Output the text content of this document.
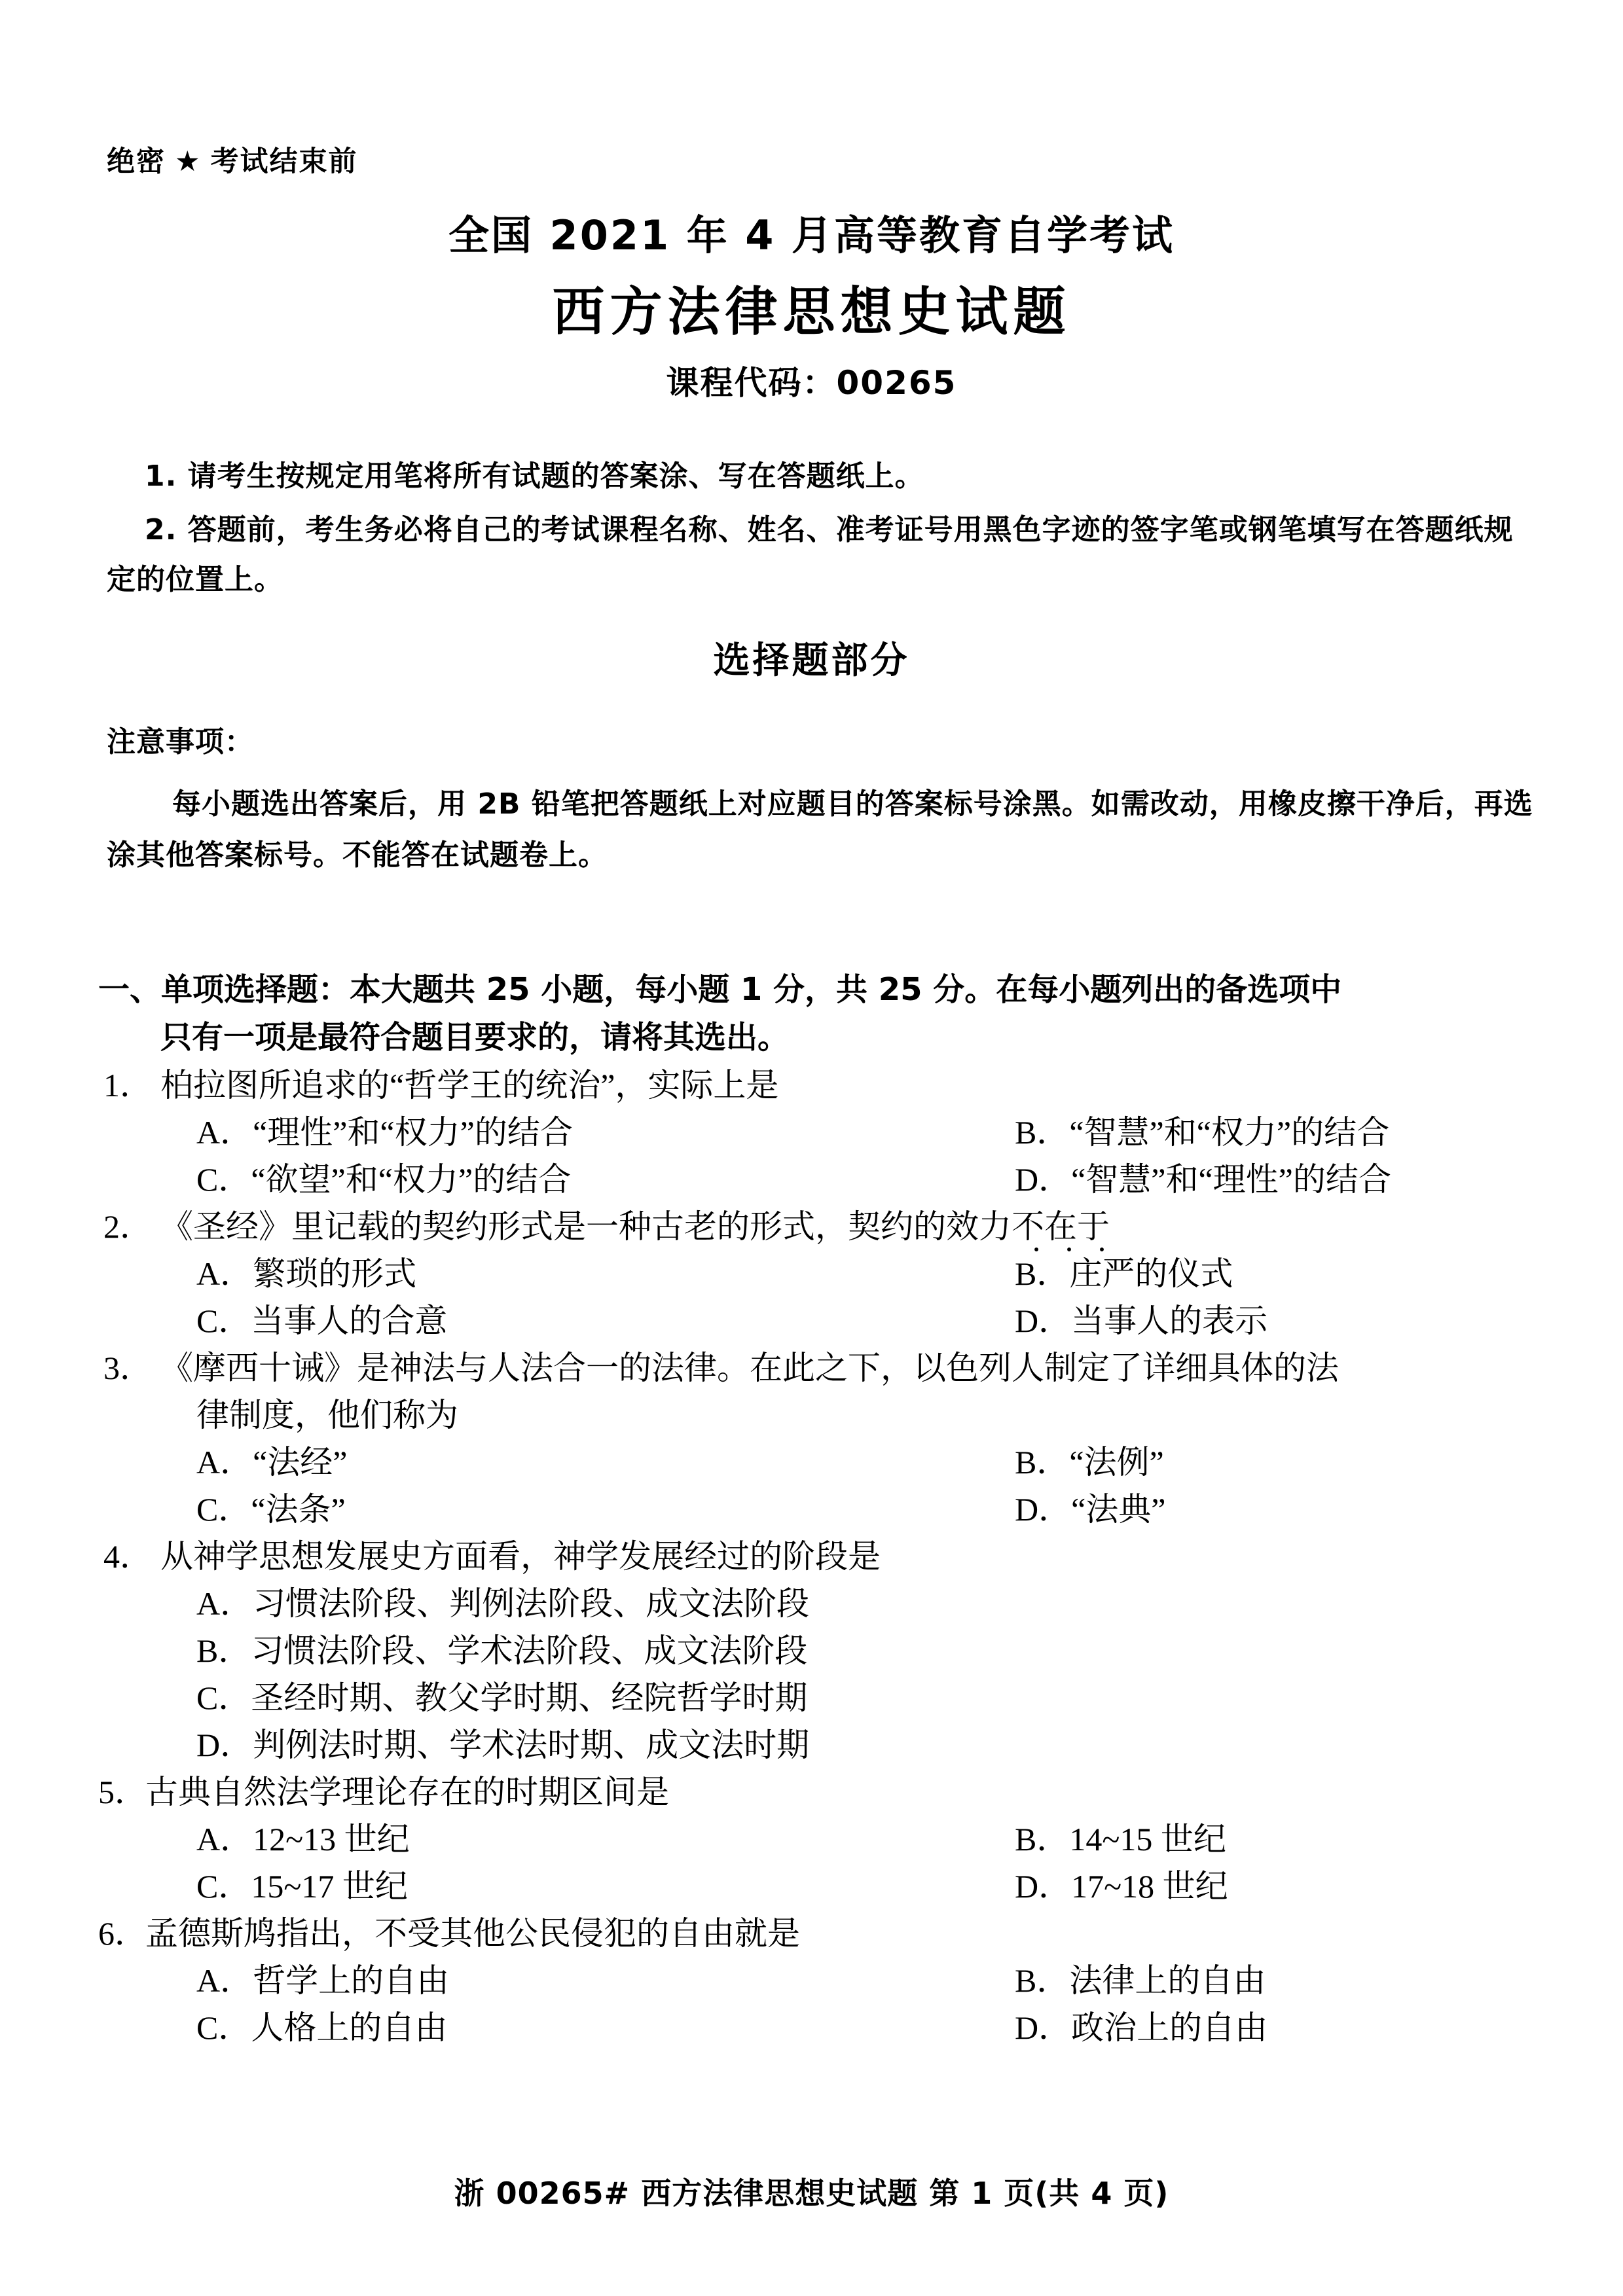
绝密 ★ 考试结束前
全国 2021 年 4 月高等教育自学考试
西方法律思想史试题
课程代码：00265

1. 请考生按规定用笔将所有试题的答案涂、写在答题纸上。

2. 答题前，考生务必将自己的考试课程名称、姓名、准考证号用黑色字迹的签字笔或钢笔填写在答题纸规定的位置上。

选择题部分
注意事项：
每小题选出答案后，用 2B 铅笔把答题纸上对应题目的答案标号涂黑。如需改动，用橡皮擦干净后，再选涂其他答案标号。不能答在试题卷上。
一、单项选择题：本大题共 25 小题，每小题 1 分，共 25 分。在每小题列出的备选项中
只有一项是最符合题目要求的，请将其选出。
1． 柏拉图所追求的“哲学王的统治”，实际上是
A．“理性”和“权力”的结合	B．“智慧”和“权力”的结合
C．“欲望”和“权力”的结合	D．“智慧”和“理性”的结合
2． 《圣经》里记载的契约形式是一种古老的形式，契约的效力不在于
A．繁琐的形式	B．庄严的仪式
C．当事人的合意	D．当事人的表示
3． 《摩西十诫》是神法与人法合一的法律。在此之下，以色列人制定了详细具体的法
律制度，他们称为
A．“法经”	B．“法例”
C．“法条”	D．“法典”
4． 从神学思想发展史方面看，神学发展经过的阶段是
A．习惯法阶段、判例法阶段、成文法阶段
B．习惯法阶段、学术法阶段、成文法阶段
C．圣经时期、教父学时期、经院哲学时期
D．判例法时期、学术法时期、成文法时期
5．古典自然法学理论存在的时期区间是
A．12~13 世纪	B．14~15 世纪
C．15~17 世纪	D．17~18 世纪
6．孟德斯鸠指出，不受其他公民侵犯的自由就是
A．哲学上的自由	B．法律上的自由
C．人格上的自由	D．政治上的自由
浙 00265# 西方法律思想史试题 第 1 页(共 4 页)
